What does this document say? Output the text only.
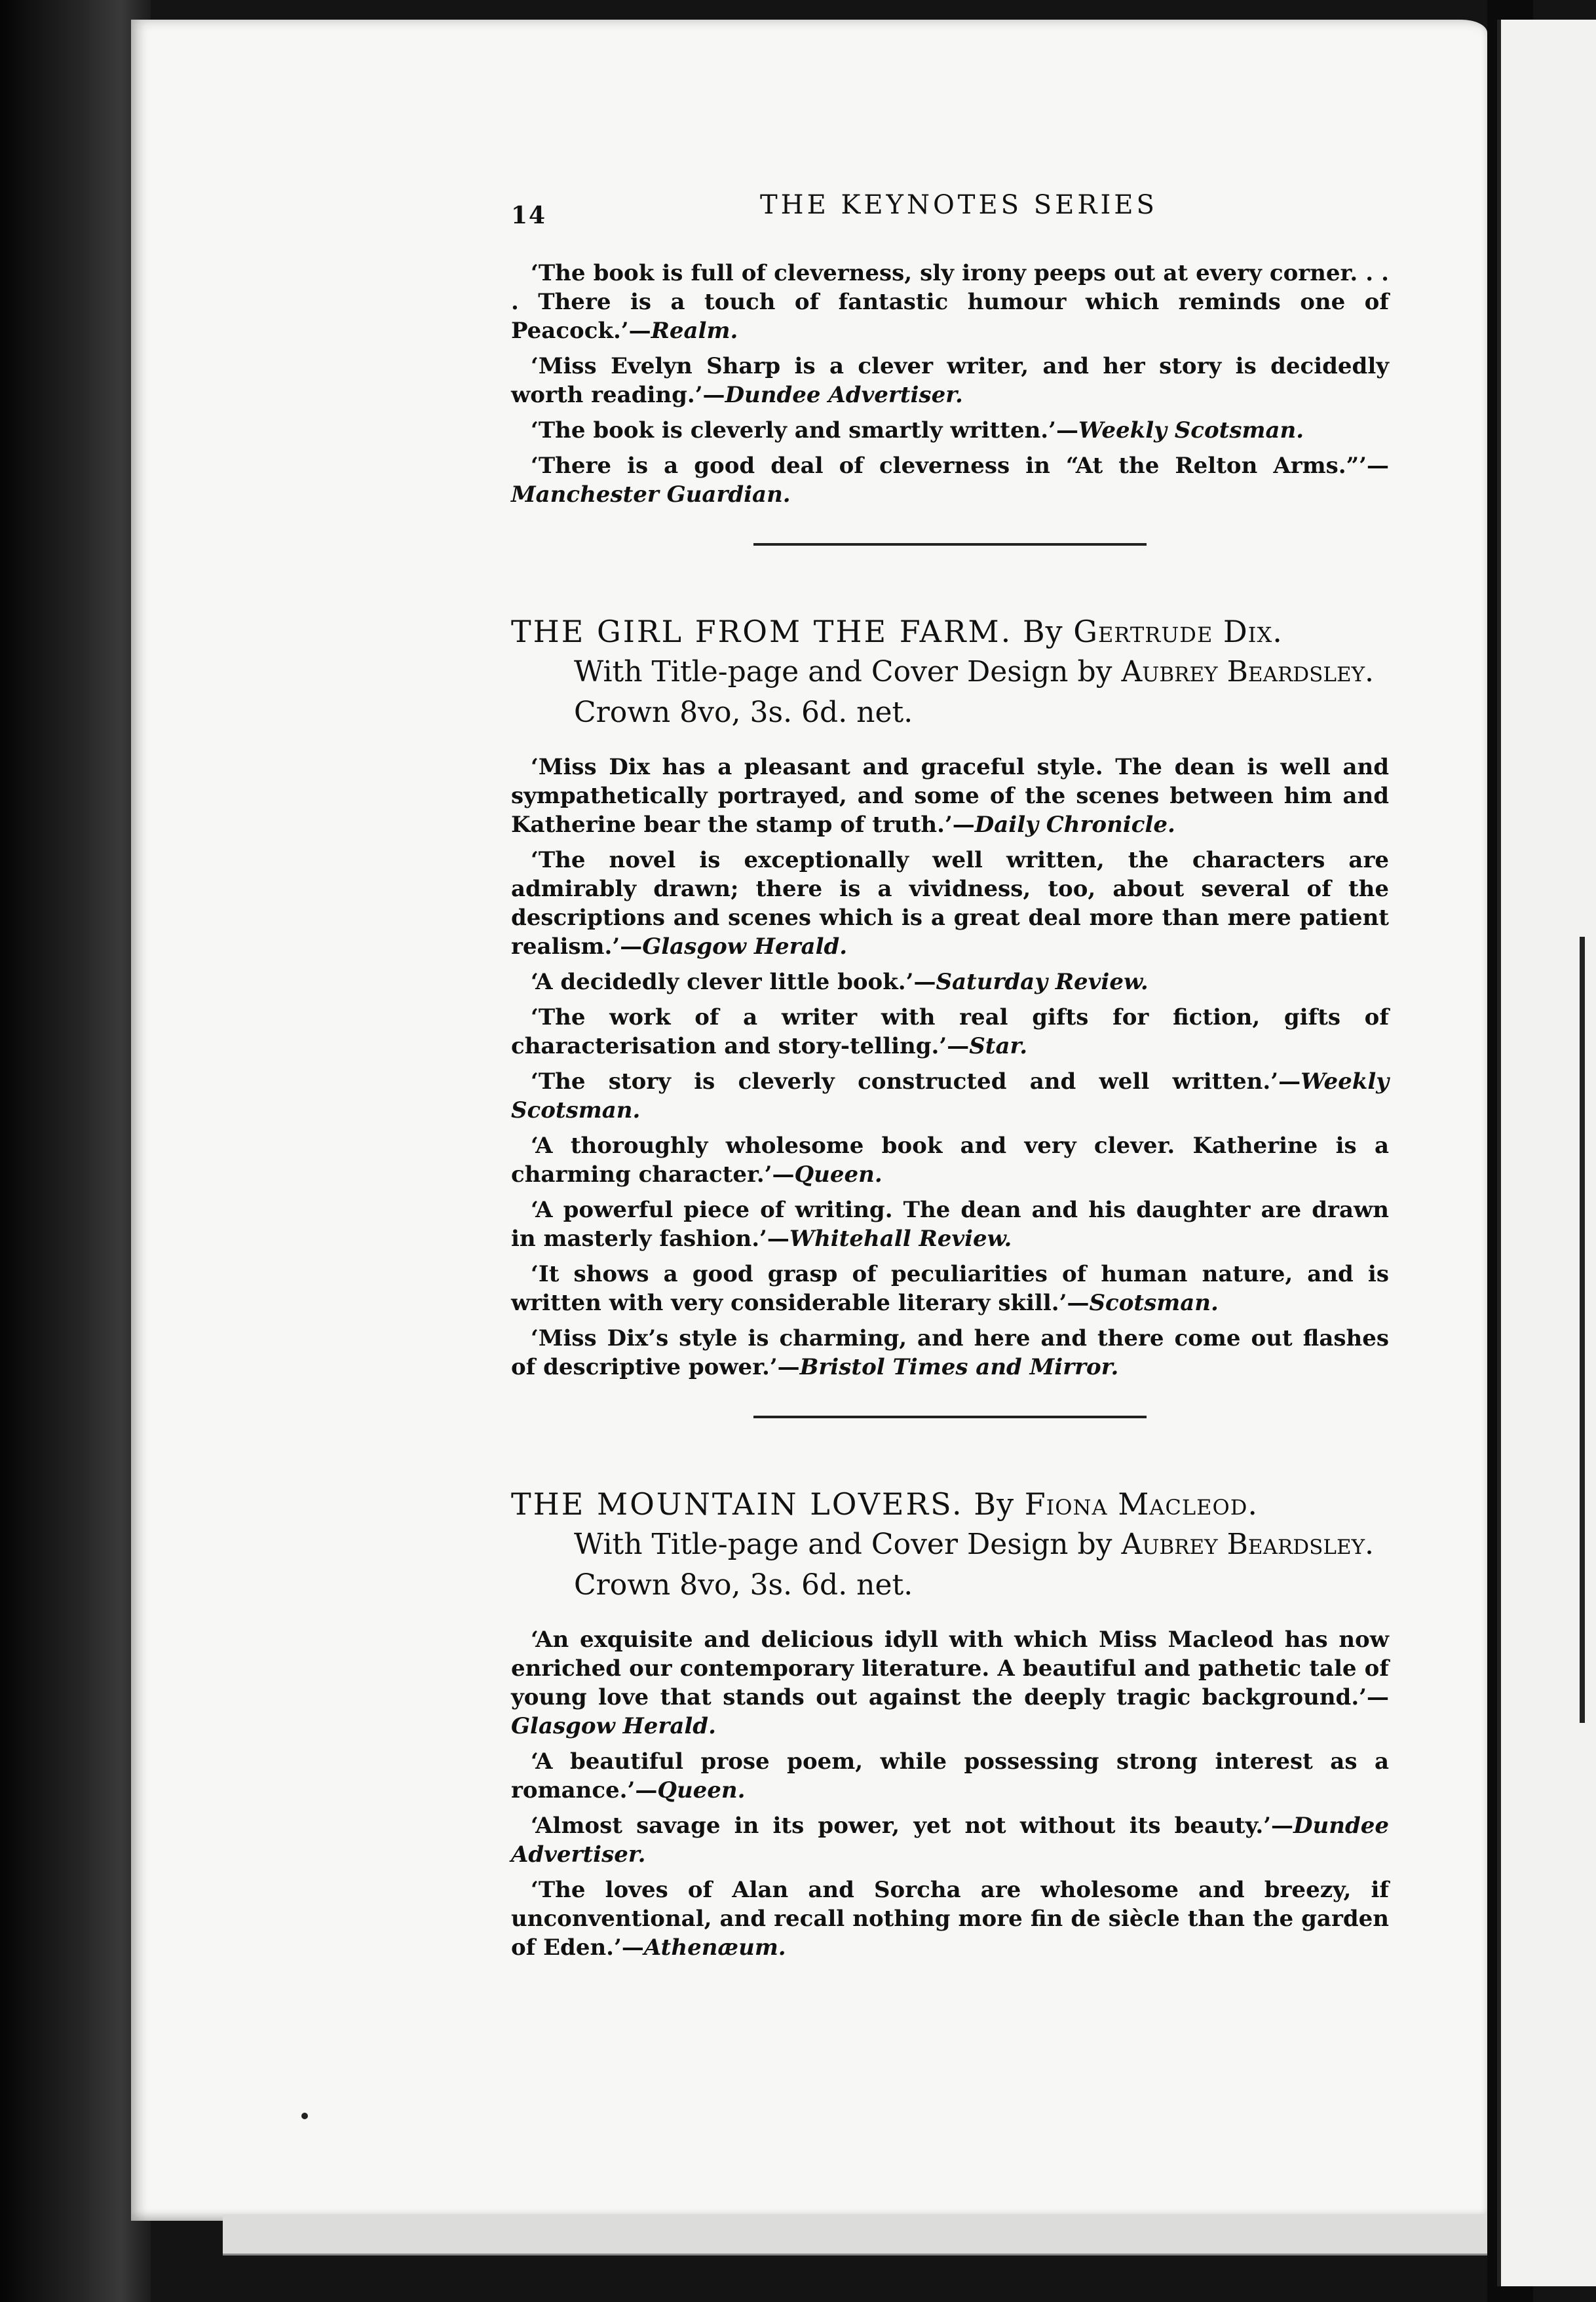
14	THE KEYNOTES SERIES

‘The book is full of cleverness, sly irony peeps out at every corner. . . . There is a touch of fantastic humour which reminds one of Peacock.’—Realm.

‘Miss Evelyn Sharp is a clever writer, and her story is decidedly worth reading.’—Dundee Advertiser.

‘The book is cleverly and smartly written.’—Weekly Scotsman.

‘There is a good deal of cleverness in “At the Relton Arms.”’—Manchester Guardian.

THE GIRL FROM THE FARM. By Gertrude Dix.
With Title-page and Cover Design by Aubrey Beardsley.
Crown 8vo, 3s. 6d. net.

‘Miss Dix has a pleasant and graceful style. The dean is well and sympathetically portrayed, and some of the scenes between him and Katherine bear the stamp of truth.’—Daily Chronicle.

‘The novel is exceptionally well written, the characters are admirably drawn; there is a vividness, too, about several of the descriptions and scenes which is a great deal more than mere patient realism.’—Glasgow Herald.

‘A decidedly clever little book.’—Saturday Review.

‘The work of a writer with real gifts for fiction, gifts of characterisation and story-telling.’—Star.

‘The story is cleverly constructed and well written.’—Weekly Scotsman.

‘A thoroughly wholesome book and very clever. Katherine is a charming character.’—Queen.

‘A powerful piece of writing. The dean and his daughter are drawn in masterly fashion.’—Whitehall Review.

‘It shows a good grasp of peculiarities of human nature, and is written with very considerable literary skill.’—Scotsman.

‘Miss Dix’s style is charming, and here and there come out flashes of descriptive power.’—Bristol Times and Mirror.

THE MOUNTAIN LOVERS. By Fiona Macleod.
With Title-page and Cover Design by Aubrey Beardsley.
Crown 8vo, 3s. 6d. net.

‘An exquisite and delicious idyll with which Miss Macleod has now enriched our contemporary literature. A beautiful and pathetic tale of young love that stands out against the deeply tragic background.’—Glasgow Herald.

‘A beautiful prose poem, while possessing strong interest as a romance.’—Queen.

‘Almost savage in its power, yet not without its beauty.’—Dundee Advertiser.

‘The loves of Alan and Sorcha are wholesome and breezy, if unconventional, and recall nothing more fin de siècle than the garden of Eden.’—Athenæum.
